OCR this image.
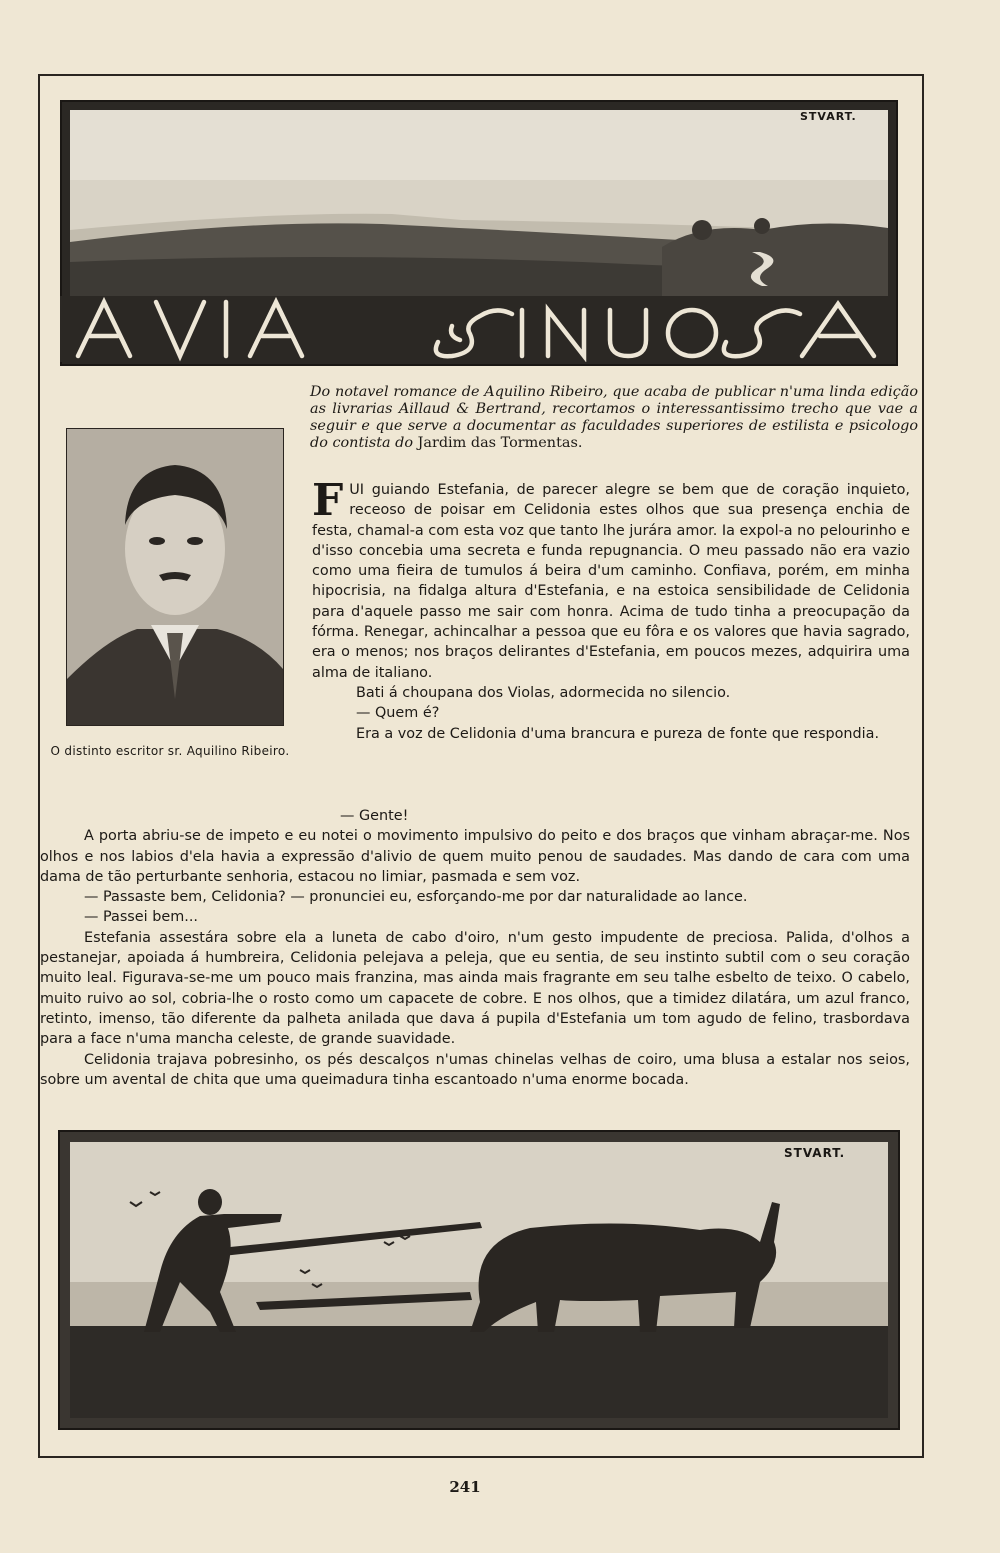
STVART.
Do notavel romance de Aquilino Ribeiro, que acaba de publicar n'uma linda edição as livrarias Aillaud & Bertrand, recortamos o interessantissimo trecho que vae a seguir e que serve a documentar as faculdades superiores de estilista e psicologo do contista do Jardim das Tormentas.
O distinto escritor sr. Aquilino Ribeiro.

F UI guiando Estefania, de parecer alegre se bem que de coração inquieto, receoso de poisar em Celidonia estes olhos que sua presença enchia de festa, chamal-a com esta voz que tanto lhe jurára amor. Ia expol-a no pelourinho e d'isso concebia uma secreta e funda repugnancia. O meu passado não era vazio como uma fieira de tumulos á beira d'um caminho. Confiava, porém, em minha hipocrisia, na fidalga altura d'Estefania, e na estoica sensibilidade de Celidonia para d'aquele passo me sair com honra. Acima de tudo tinha a preocupação da fórma. Renegar, achincalhar a pessoa que eu fôra e os valores que havia sagrado, era o menos; nos braços delirantes d'Estefania, em poucos mezes, adquirira uma alma de italiano.

Bati á choupana dos Violas, adormecida no silencio.

— Quem é?

Era a voz de Celidonia d'uma brancura e pureza de fonte que respondia.

— Gente!

A porta abriu-se de impeto e eu notei o movimento impulsivo do peito e dos braços que vinham abraçar-me. Nos olhos e nos labios d'ela havia a expressão d'alivio de quem muito penou de saudades. Mas dando de cara com uma dama de tão perturbante senhoria, estacou no limiar, pasmada e sem voz.

— Passaste bem, Celidonia? — pronunciei eu, esforçando-me por dar naturalidade ao lance.

— Passei bem...

Estefania assestára sobre ela a luneta de cabo d'oiro, n'um gesto impudente de preciosa. Palida, d'olhos a pestanejar, apoiada á humbreira, Celidonia pelejava a peleja, que eu sentia, de seu instinto subtil com o seu coração muito leal. Figurava-se-me um pouco mais franzina, mas ainda mais fragrante em seu talhe esbelto de teixo. O cabelo, muito ruivo ao sol, cobria-lhe o rosto como um capacete de cobre. E nos olhos, que a timidez dilatára, um azul franco, retinto, imenso, tão diferente da palheta anilada que dava á pupila d'Estefania um tom agudo de felino, trasbordava para a face n'uma mancha celeste, de grande suavidade.

Celidonia trajava pobresinho, os pés descalços n'umas chinelas velhas de coiro, uma blusa a estalar nos seios, sobre um avental de chita que uma queimadura tinha escantoado n'uma enorme bocada.

STVART.
241
